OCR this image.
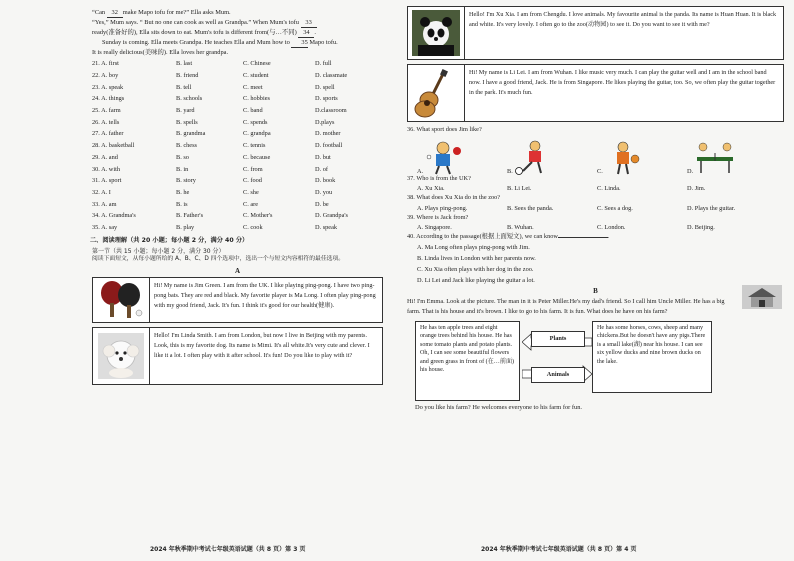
“Can 32 make Mapo tofu for me?” Ella asks Mum.

“Yes,” Mum says. “ But no one can cook as well as Grandpa.” When Mum's tofu 33

ready(准备好的), Ella sits down to eat. Mum's tofu is different from(与…不同) 34 .

Sunday is coming. Ella meets Grandpa. He teaches Ella and Mum how to 35 Mapo tofu.

It is really delicious(美味的). Ella loves her grandpa.

21. A. first	B. last	C. Chinese	D. full
22. A. boy	B. friend	C. student	D. classmate
23. A. speak	B. tell	C. meet	D. spell
24. A. things	B. schools	C. hobbies	D. sports
25. A. farm	B. yard	C. band	D.classroom
26. A. tells	B. spells	C. spends	D.plays
27. A. father	B. grandma	C. grandpa	D. mother
28. A. basketball	B. chess	C. tennis	D. football
29. A. and	B. so	C. because	D. but
30. A. with	B. in	C. from	D. of
31. A. sport	B. story	C. food	D. book
32. A. I	B. he	C. she	D. you
33. A. am	B. is	C. are	D. be
34. A. Grandma's	B. Father's	C. Mother's	D. Grandpa's
35. A. say	B. play	C. cook	D. speak
二、阅读理解（共 20 小题；每小题 2 分，满分 40 分）
第一节（共 15 小题；每小题 2 分，满分 30 分）
阅读下面短文，从每小题所给的 A、B、C、D 四个选项中，选出一个与短文内容相符的最佳选项。
A
Hi! My name is Jim Green. I am from the UK. I like playing ping-pong. I have two ping-pong bats. They are red and black. My favorite player is Ma Long. I often play ping-pong with my good friend, Jack. It's fun. I think it's good for our health(健康).
Hello! I'm Linda Smith. I am from London, but now I live in Beijing with my parents. Look, this is my favorite dog. Its name is Mimi. It's all white.It's very cute and clever. I like it a lot. I often play with it after school. It's fun! Do you like to play with it?
2024 年秋季期中考试七年级英语试题（共 8 页）第 3 页
Hello! I'm Xu Xia. I am from Chengdu. I love animals. My favourite animal is the panda. Its name is Huan Huan. It is black and white. It's very lovely. I often go to the zoo(动物园) to see it. Do you want to see it with me?
Hi! My name is Li Lei. I am from Wuhan. I like music very much. I can play the guitar well and I am in the school band now. I have a good friend, Jack. He is from Singapore. He likes playing the guitar, too. So, we often play the guitar together in the park. It's much fun.
36. What sport does Jim like?
A.	B.	C.	D.
37. Who is from the UK?
A. Xu Xia.	B. Li Lei.	C. Linda.	D. Jim.
38. What does Xu Xia do in the zoo?
A. Plays ping-pong.	B. Sees the panda.	C. Sees a dog.	D. Plays the guitar.
39. Where is Jack from?
A. Singapore.	B. Wuhan.	C. London.	D. Beijing.
40. According to the passage(根据上面短文), we can know	.
A. Ma Long often plays ping-pong with Jim.
B. Linda lives in London with her parents now.
C. Xu Xia often plays with her dog in the zoo.
D. Li Lei and Jack like playing the guitar a lot.
B
Hi! I'm Emma. Look at the picture. The man in it is Peter Miller.He's my dad's friend. So I call him Uncle Miller. He has a big farm. That is his house and it's brown. I like to go to his farm. It is fun. What does he have on his farm?
He has ten apple trees and eight orange trees behind his house. He has some tomato plants and potato plants. Oh, I can see some beautiful flowers and green grass in front of (在…前面) his house.
Plants
Animals
He has some horses, cows, sheep and many chickens.But he doesn't have any pigs.There is a small lake(湖) near his house. I can see six yellow ducks and nine brown ducks on the lake.
Do you like his farm? He welcomes everyone to his farm for fun.
2024 年秋季期中考试七年级英语试题（共 8 页）第 4 页
